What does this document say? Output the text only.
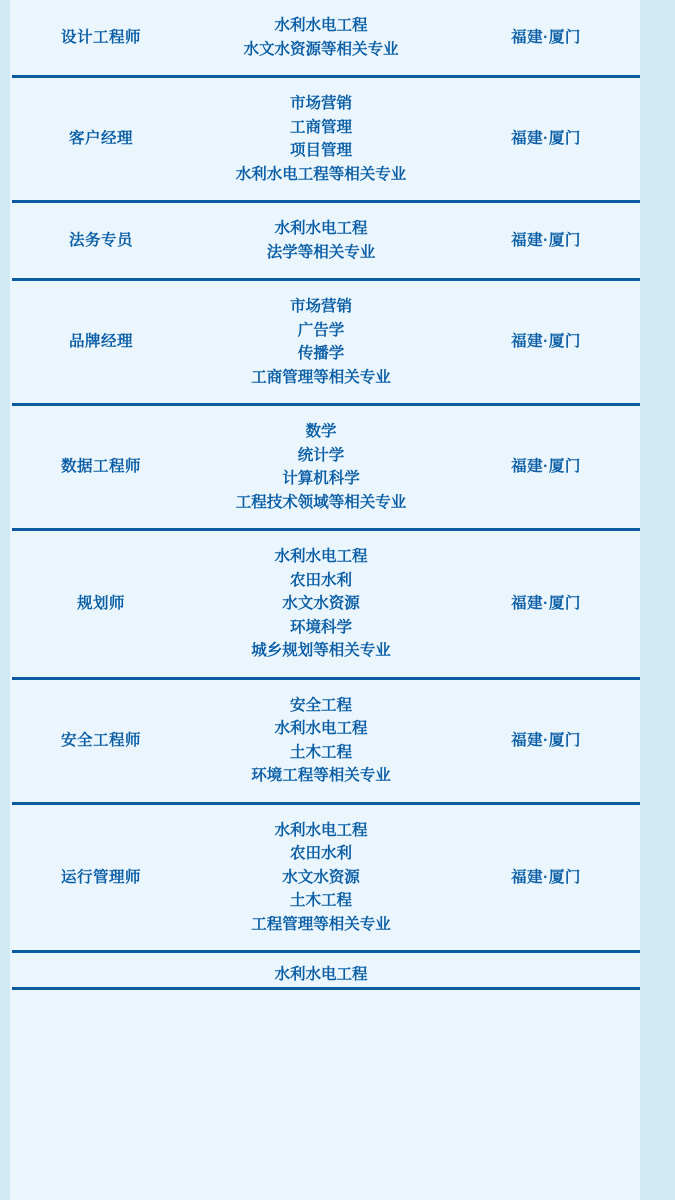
设计工程师	水利水电工程
水文水资源等相关专业	福建·厦门
客户经理	市场营销
工商管理
项目管理
水利水电工程等相关专业	福建·厦门
法务专员	水利水电工程
法学等相关专业	福建·厦门
品牌经理	市场营销
广告学
传播学
工商管理等相关专业	福建·厦门
数据工程师	数学
统计学
计算机科学
工程技术领域等相关专业	福建·厦门
规划师	水利水电工程
农田水利
水文水资源
环境科学
城乡规划等相关专业	福建·厦门
安全工程师	安全工程
水利水电工程
土木工程
环境工程等相关专业	福建·厦门
运行管理师	水利水电工程
农田水利
水文水资源
土木工程
工程管理等相关专业	福建·厦门

	水利水电工程	
